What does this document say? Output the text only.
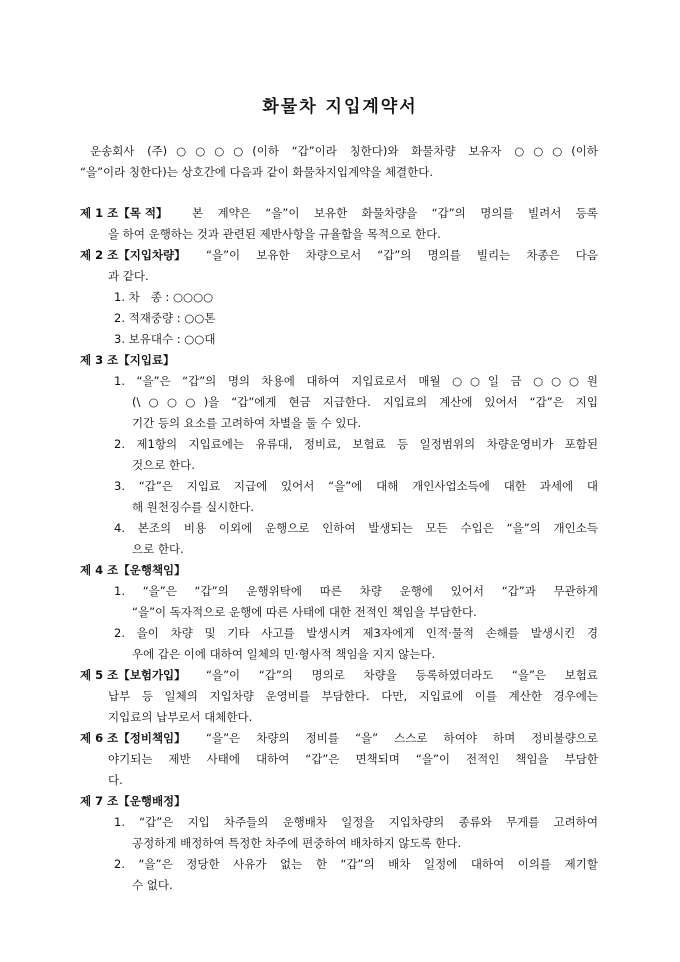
화물차 지입계약서
운송회사 (주)○○○○(이하 “갑”이라 칭한다)와 화물차량 보유자 ○○○(이하
“을”이라 칭한다)는 상호간에 다음과 같이 화물차지입계약을 체결한다.
제 1 조【목 적】 본 계약은 “을”이 보유한 화물차량을 “갑”의 명의를 빌려서 등록
을 하여 운행하는 것과 관련된 제반사항을 규율함을 목적으로 한다.
제 2 조【지입차량】 “을”이 보유한 차량으로서 “갑”의 명의를 빌리는 차종은 다음
과 같다.
1. 차   종 : ○○○○
2. 적재중량 : ○○톤
3. 보유대수 : ○○대
제 3 조【지입료】
1. “을”은 “갑”의 명의 차용에 대하여 지입료로서 매월 ○○일 금 ○○○원
(\○○○)을 “갑”에게 현금 지급한다. 지입료의 계산에 있어서 “갑”은 지입
기간 등의 요소를 고려하여 차별을 둘 수 있다.
2. 제1항의 지입료에는 유류대, 정비료, 보험료 등 일정범위의 차량운영비가 포함된
것으로 한다.
3. “갑”은 지입료 지급에 있어서 “을”에 대해 개인사업소득에 대한 과세에 대
해 원천징수를 실시한다.
4. 본조의 비용 이외에 운행으로 인하여 발생되는 모든 수입은 “을”의 개인소득
으로 한다.
제 4 조【운행책임】
1. “을”은 “갑”의 운행위탁에 따른 차량 운행에 있어서 “갑”과 무관하게
“을”이 독자적으로 운행에 따른 사태에 대한 전적인 책임을 부담한다.
2. 을이 차량 및 기타 사고를 발생시켜 제3자에게 인적·물적 손해를 발생시킨 경
우에 갑은 이에 대하여 일체의 민·형사적 책임을 지지 않는다.
제 5 조【보험가입】 “을”이 “갑”의 명의로 차량을 등록하였더라도 “을”은 보험료
납부 등 일체의 지입차량 운영비를 부담한다. 다만, 지입료에 이를 계산한 경우에는
지입료의 납부로서 대체한다.
제 6 조【정비책임】 “을”은 차량의 정비를 “을” 스스로 하여야 하며 정비불량으로
야기되는 제반 사태에 대하여 “갑”은 면책되며 “을”이 전적인 책임을 부담한
다.
제 7 조【운행배정】
1. “갑”은 지입 차주들의 운행배차 일정을 지입차량의 종류와 무게를 고려하여
공정하게 배정하여 특정한 차주에 편중하여 배차하지 않도록 한다.
2. “을”은 정당한 사유가 없는 한 “갑”의 배차 일정에 대하여 이의를 제기할
수 없다.
